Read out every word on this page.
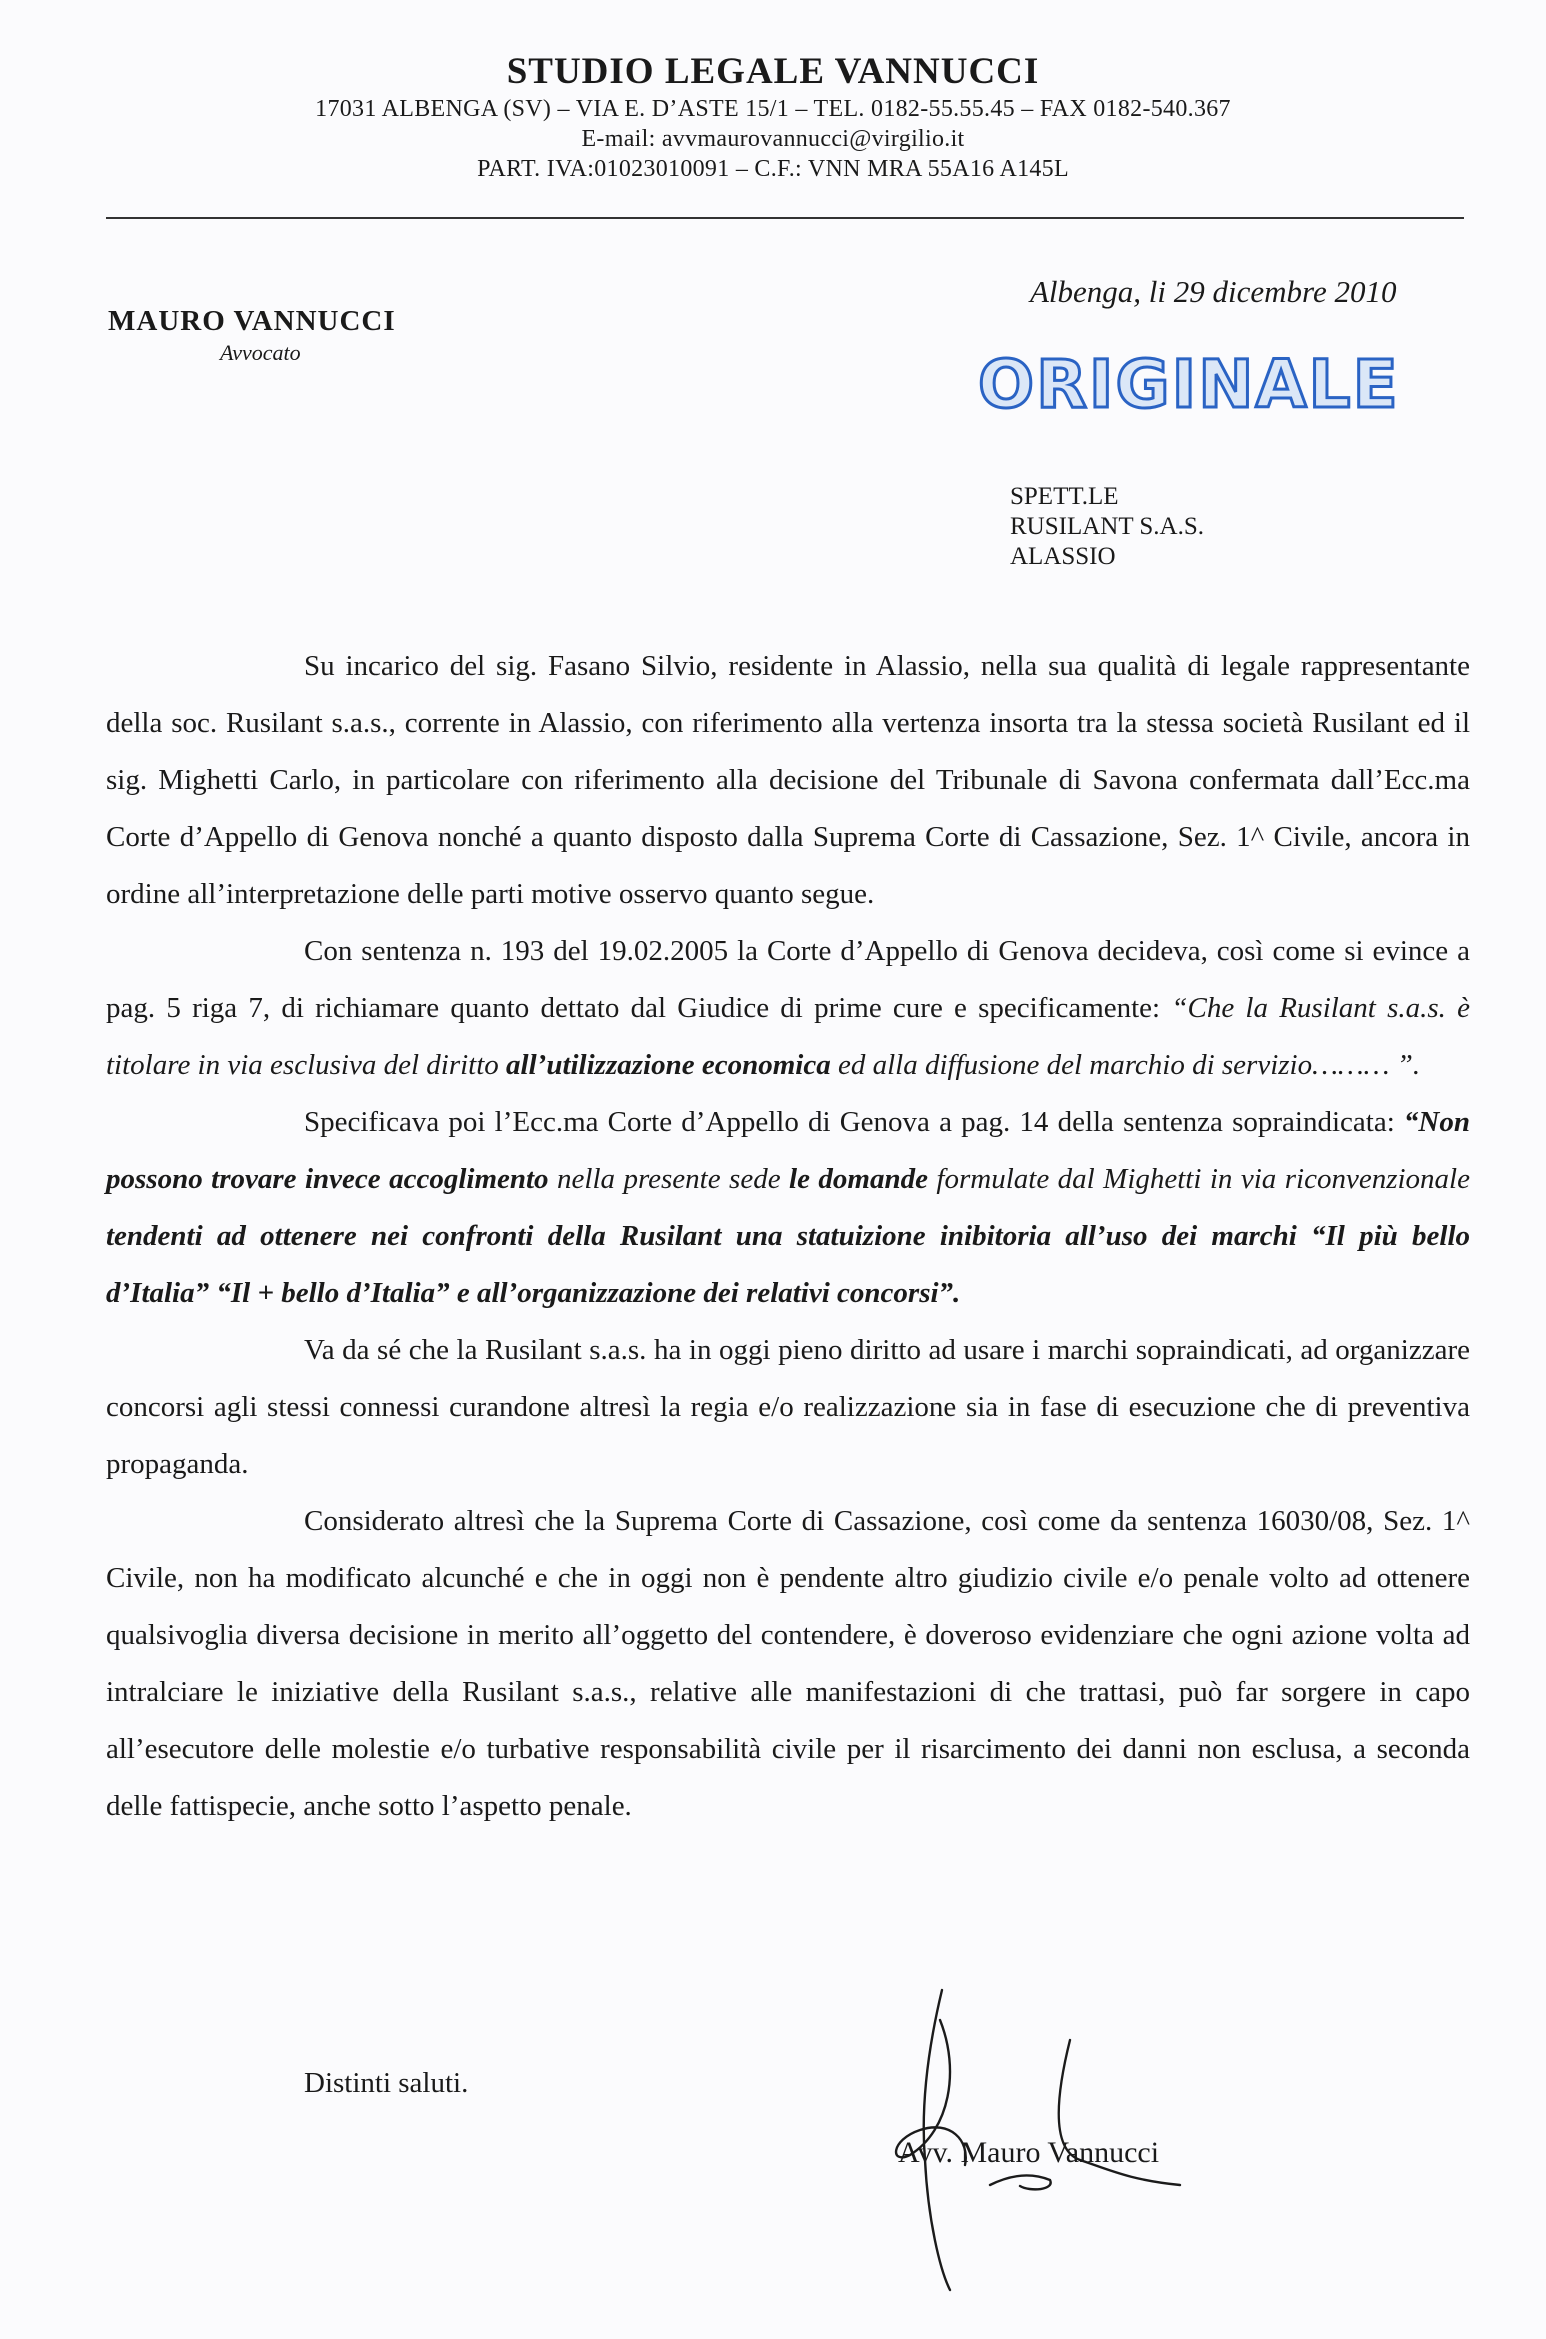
STUDIO LEGALE VANNUCCI
17031 ALBENGA (SV) – VIA E. D’ASTE 15/1 – TEL. 0182-55.55.45 – FAX 0182-540.367
E-mail: avvmaurovannucci@virgilio.it
PART. IVA:01023010091 – C.F.: VNN MRA 55A16 A145L
MAURO VANNUCCI
Avvocato
Albenga, li 29 dicembre 2010
ORIGINALE
SPETT.LE
RUSILANT S.A.S.
ALASSIO

Su incarico del sig. Fasano Silvio, residente in Alassio, nella sua qualità di legale rappresentante della soc. Rusilant s.a.s., corrente in Alassio, con riferimento alla vertenza insorta tra la stessa società Rusilant ed il sig. Mighetti Carlo, in particolare con riferimento alla decisione del Tribunale di Savona confermata dall’Ecc.ma Corte d’Appello di Genova nonché a quanto disposto dalla Suprema Corte di Cassazione, Sez. 1^ Civile, ancora in ordine all’interpretazione delle parti motive osservo quanto segue.

Con sentenza n. 193 del 19.02.2005 la Corte d’Appello di Genova decideva, così come si evince a pag. 5 riga 7, di richiamare quanto dettato dal Giudice di prime cure e specificamente: “Che la Rusilant s.a.s. è titolare in via esclusiva del diritto all’utilizzazione economica ed alla diffusione del marchio di servizio……… ”.

Specificava poi l’Ecc.ma Corte d’Appello di Genova a pag. 14 della sentenza sopraindicata: “Non possono trovare invece accoglimento nella presente sede le domande formulate dal Mighetti in via riconvenzionale tendenti ad ottenere nei confronti della Rusilant una statuizione inibitoria all’uso dei marchi “Il più bello d’Italia” “Il + bello d’Italia” e all’organizzazione dei relativi concorsi”.

Va da sé che la Rusilant s.a.s. ha in oggi pieno diritto ad usare i marchi sopraindicati, ad organizzare concorsi agli stessi connessi curandone altresì la regia e/o realizzazione sia in fase di esecuzione che di preventiva propaganda.

Considerato altresì che la Suprema Corte di Cassazione, così come da sentenza 16030/08, Sez. 1^ Civile, non ha modificato alcunché e che in oggi non è pendente altro giudizio civile e/o penale volto ad ottenere qualsivoglia diversa decisione in merito all’oggetto del contendere, è doveroso evidenziare che ogni azione volta ad intralciare le iniziative della Rusilant s.a.s., relative alle manifestazioni di che trattasi, può far sorgere in capo all’esecutore delle molestie e/o turbative responsabilità civile per il risarcimento dei danni non esclusa, a seconda delle fattispecie, anche sotto l’aspetto penale.

Distinti saluti.
Avv. Mauro Vannucci
